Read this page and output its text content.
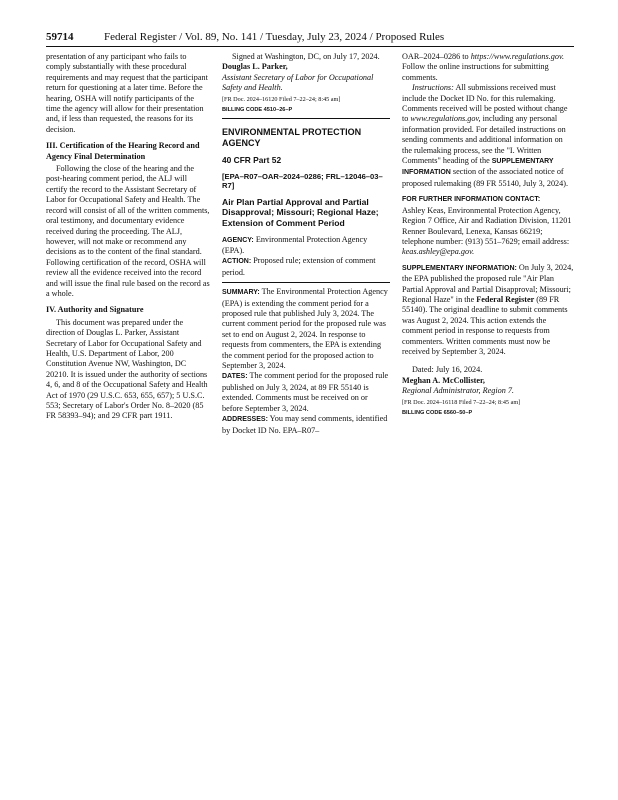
59714	Federal Register / Vol. 89, No. 141 / Tuesday, July 23, 2024 / Proposed Rules

presentation of any participant who fails to comply substantially with these procedural requirements and may request that the participant return for questioning at a later time. Before the hearing, OSHA will notify participants of the time the agency will allow for their presentation and, if less than requested, the reasons for its decision.

III. Certification of the Hearing Record and Agency Final Determination

Following the close of the hearing and the post-hearing comment period, the ALJ will certify the record to the Assistant Secretary of Labor for Occupational Safety and Health. The record will consist of all of the written comments, oral testimony, and documentary evidence received during the proceeding. The ALJ, however, will not make or recommend any decisions as to the content of the final standard. Following certification of the record, OSHA will review all the evidence received into the record and will issue the final rule based on the record as a whole.

IV. Authority and Signature

This document was prepared under the direction of Douglas L. Parker, Assistant Secretary of Labor for Occupational Safety and Health, U.S. Department of Labor, 200 Constitution Avenue NW, Washington, DC 20210. It is issued under the authority of sections 4, 6, and 8 of the Occupational Safety and Health Act of 1970 (29 U.S.C. 653, 655, 657); 5 U.S.C. 553; Secretary of Labor's Order No. 8–2020 (85 FR 58393–94); and 29 CFR part 1911.

Signed at Washington, DC, on July 17, 2024.

Douglas L. Parker,

Assistant Secretary of Labor for Occupational Safety and Health.

[FR Doc. 2024–16120 Filed 7–22–24; 8:45 am]

BILLING CODE 4510–26–P

ENVIRONMENTAL PROTECTION AGENCY

40 CFR Part 52

[EPA–R07–OAR–2024–0286; FRL–12046–03–R7]

Air Plan Partial Approval and Partial Disapproval; Missouri; Regional Haze; Extension of Comment Period

AGENCY: Environmental Protection Agency (EPA).

ACTION: Proposed rule; extension of comment period.

SUMMARY: The Environmental Protection Agency (EPA) is extending the comment period for a proposed rule that published July 3, 2024. The current comment period for the proposed rule was set to end on August 2, 2024. In response to requests from commenters, the EPA is extending the comment period for the proposed action to September 3, 2024.

DATES: The comment period for the proposed rule published on July 3, 2024, at 89 FR 55140 is extended. Comments must be received on or before September 3, 2024.

ADDRESSES: You may send comments, identified by Docket ID No. EPA–R07–

OAR–2024–0286 to https://www.regulations.gov. Follow the online instructions for submitting comments.

Instructions: All submissions received must include the Docket ID No. for this rulemaking. Comments received will be posted without change to www.regulations.gov, including any personal information provided. For detailed instructions on sending comments and additional information on the rulemaking process, see the "I. Written Comments" heading of the SUPPLEMENTARY INFORMATION section of the associated notice of proposed rulemaking (89 FR 55140, July 3, 2024).

FOR FURTHER INFORMATION CONTACT:

Ashley Keas, Environmental Protection Agency, Region 7 Office, Air and Radiation Division, 11201 Renner Boulevard, Lenexa, Kansas 66219; telephone number: (913) 551–7629; email address: keas.ashley@epa.gov.

SUPPLEMENTARY INFORMATION: On July 3, 2024, the EPA published the proposed rule "Air Plan Partial Approval and Partial Disapproval; Missouri; Regional Haze" in the Federal Register (89 FR 55140). The original deadline to submit comments was August 2, 2024. This action extends the comment period in response to requests from commenters. Written comments must now be received by September 3, 2024.

Dated: July 16, 2024.

Meghan A. McCollister,

Regional Administrator, Region 7.

[FR Doc. 2024–16118 Filed 7–22–24; 8:45 am]

BILLING CODE 6560–50–P
